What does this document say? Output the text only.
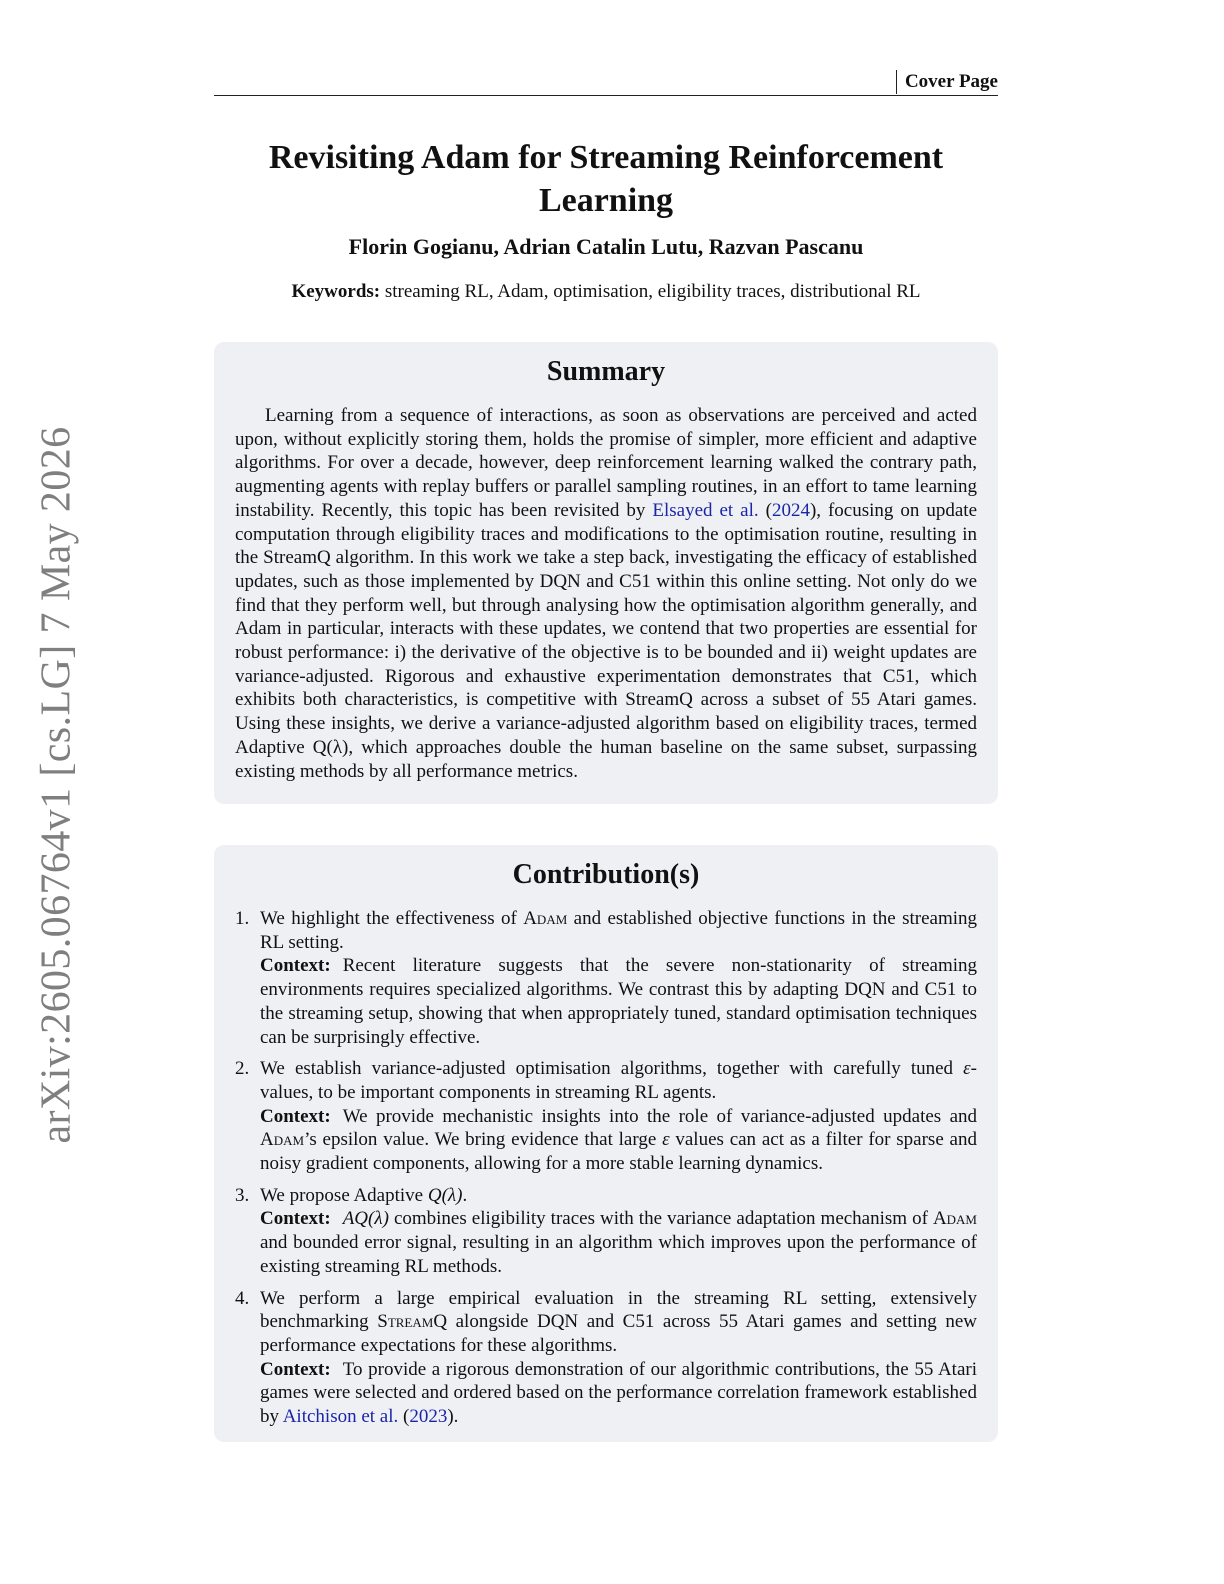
arXiv:2605.06764v1 [cs.LG] 7 May 2026
Cover Page
Revisiting Adam for Streaming Reinforcement Learning
Florin Gogianu, Adrian Catalin Lutu, Razvan Pascanu
Keywords: streaming RL, Adam, optimisation, eligibility traces, distributional RL
Summary

Learning from a sequence of interactions, as soon as observations are perceived and acted upon, without explicitly storing them, holds the promise of simpler, more efficient and adaptive algorithms. For over a decade, however, deep reinforcement learning walked the contrary path, augmenting agents with replay buffers or parallel sampling routines, in an effort to tame learning instability. Recently, this topic has been revisited by Elsayed et al. (2024), focusing on update computation through eligibility traces and modifications to the optimisation routine, resulting in the StreamQ algorithm. In this work we take a step back, investigating the efficacy of established updates, such as those implemented by DQN and C51 within this online setting. Not only do we find that they perform well, but through analysing how the optimisation algorithm generally, and Adam in particular, interacts with these updates, we contend that two properties are essential for robust performance: i) the derivative of the objective is to be bounded and ii) weight updates are variance-adjusted. Rigorous and exhaustive experimentation demonstrates that C51, which exhibits both characteristics, is competitive with StreamQ across a subset of 55 Atari games. Using these insights, we derive a variance-adjusted algorithm based on eligibility traces, termed Adaptive Q(λ), which approaches double the human baseline on the same subset, surpassing existing methods by all performance metrics.

Contribution(s)
1. We highlight the effectiveness of Adam and established objective functions in the streaming RL setting.
Context: Recent literature suggests that the severe non-stationarity of streaming environments requires specialized algorithms. We contrast this by adapting DQN and C51 to the streaming setup, showing that when appropriately tuned, standard optimisation techniques can be surprisingly effective.
2. We establish variance-adjusted optimisation algorithms, together with carefully tuned ε-values, to be important components in streaming RL agents.
Context: We provide mechanistic insights into the role of variance-adjusted updates and Adam’s epsilon value. We bring evidence that large ε values can act as a filter for sparse and noisy gradient components, allowing for a more stable learning dynamics.
3. We propose Adaptive Q(λ).
Context: AQ(λ) combines eligibility traces with the variance adaptation mechanism of Adam and bounded error signal, resulting in an algorithm which improves upon the performance of existing streaming RL methods.
4. We perform a large empirical evaluation in the streaming RL setting, extensively benchmarking StreamQ alongside DQN and C51 across 55 Atari games and setting new performance expectations for these algorithms.
Context: To provide a rigorous demonstration of our algorithmic contributions, the 55 Atari games were selected and ordered based on the performance correlation framework established by Aitchison et al. (2023).
